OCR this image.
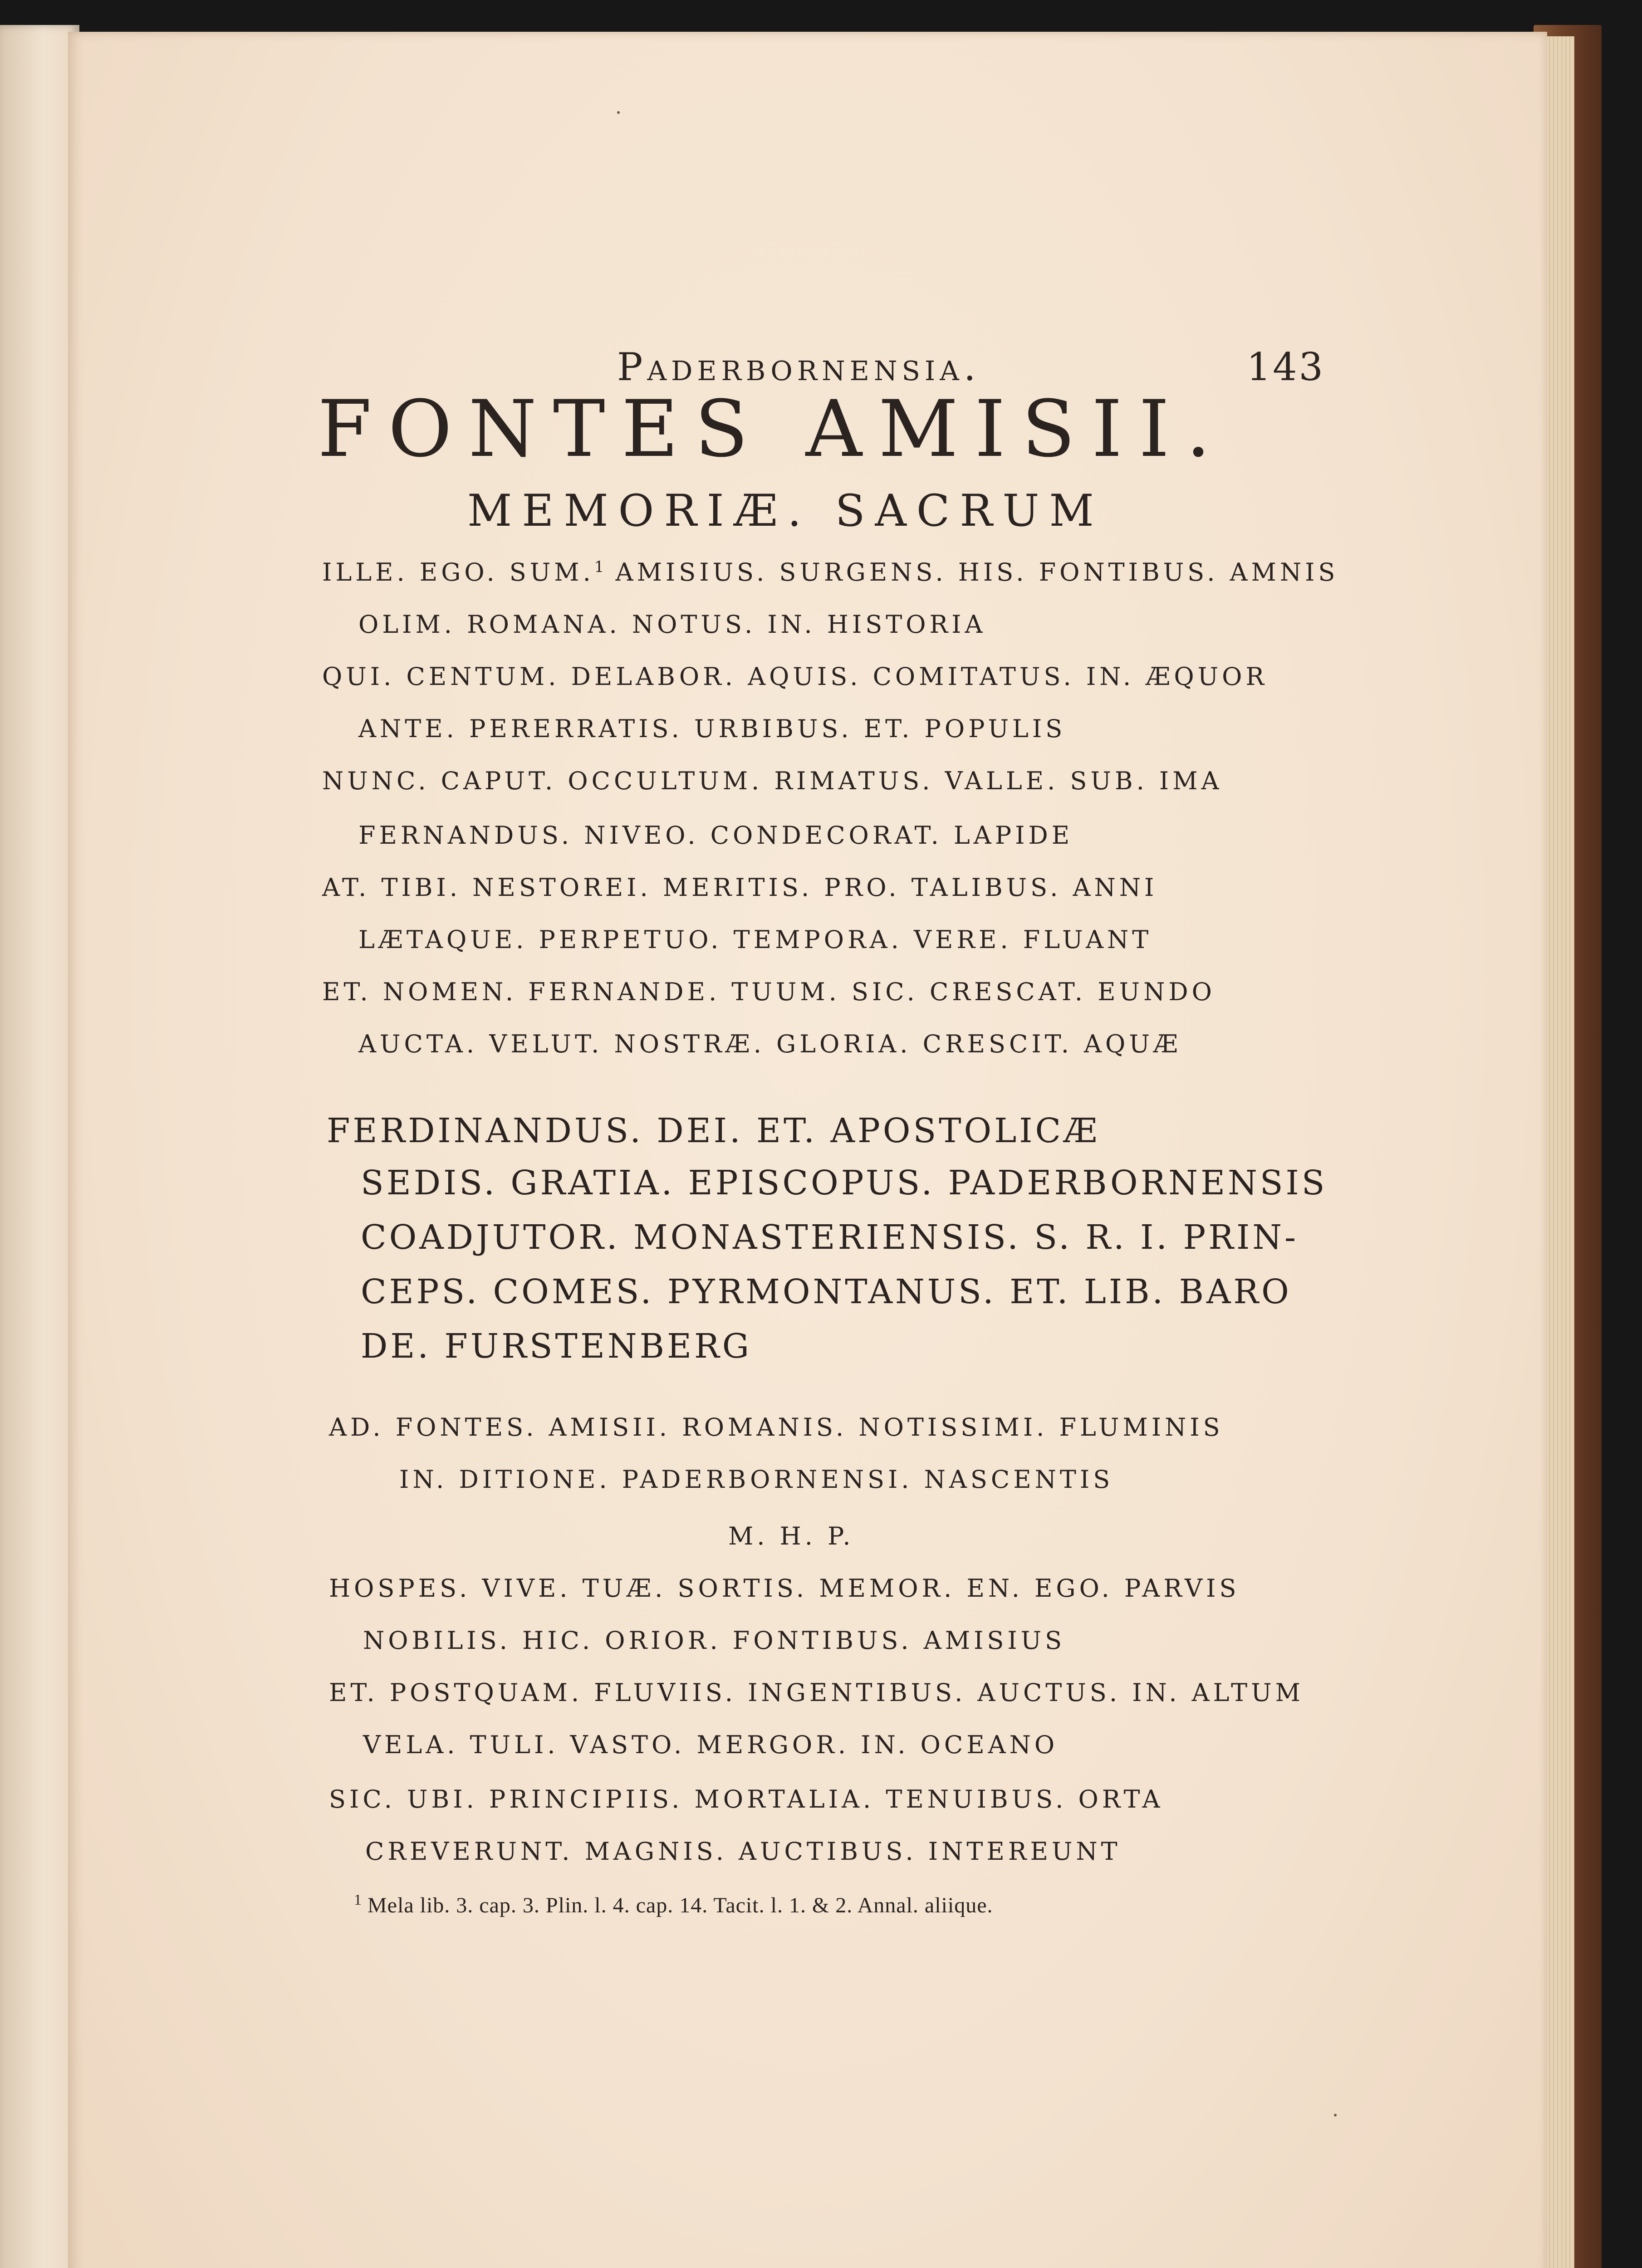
Paderbornensia.	143
FONTES AMISII.
MEMORIÆ. SACRUM
ILLE. EGO. SUM.$^1$ AMISIUS. SURGENS. HIS. FONTIBUS. AMNIS
OLIM. ROMANA. NOTUS. IN. HISTORIA
QUI. CENTUM. DELABOR. AQUIS. COMITATUS. IN. ÆQUOR
ANTE. PERERRATIS. URBIBUS. ET. POPULIS
NUNC. CAPUT. OCCULTUM. RIMATUS. VALLE. SUB. IMA
FERNANDUS. NIVEO. CONDECORAT. LAPIDE
AT. TIBI. NESTOREI. MERITIS. PRO. TALIBUS. ANNI
LÆTAQUE. PERPETUO. TEMPORA. VERE. FLUANT
ET. NOMEN. FERNANDE. TUUM. SIC. CRESCAT. EUNDO
AUCTA. VELUT. NOSTRÆ. GLORIA. CRESCIT. AQUÆ
FERDINANDUS. DEI. ET. APOSTOLICÆ
SEDIS. GRATIA. EPISCOPUS. PADERBORNENSIS
COADJUTOR. MONASTERIENSIS. S. R. I. PRIN-
CEPS. COMES. PYRMONTANUS. ET. LIB. BARO
DE. FURSTENBERG
AD. FONTES. AMISII. ROMANIS. NOTISSIMI. FLUMINIS
IN. DITIONE. PADERBORNENSI. NASCENTIS
M. H. P.
HOSPES. VIVE. TUÆ. SORTIS. MEMOR. EN. EGO. PARVIS
NOBILIS. HIC. ORIOR. FONTIBUS. AMISIUS
ET. POSTQUAM. FLUVIIS. INGENTIBUS. AUCTUS. IN. ALTUM
VELA. TULI. VASTO. MERGOR. IN. OCEANO
SIC. UBI. PRINCIPIIS. MORTALIA. TENUIBUS. ORTA
CREVERUNT. MAGNIS. AUCTIBUS. INTEREUNT
$^1$ Mela lib. 3. cap. 3. Plin. l. 4. cap. 14. Tacit. l. 1. & 2. Annal. aliique.
